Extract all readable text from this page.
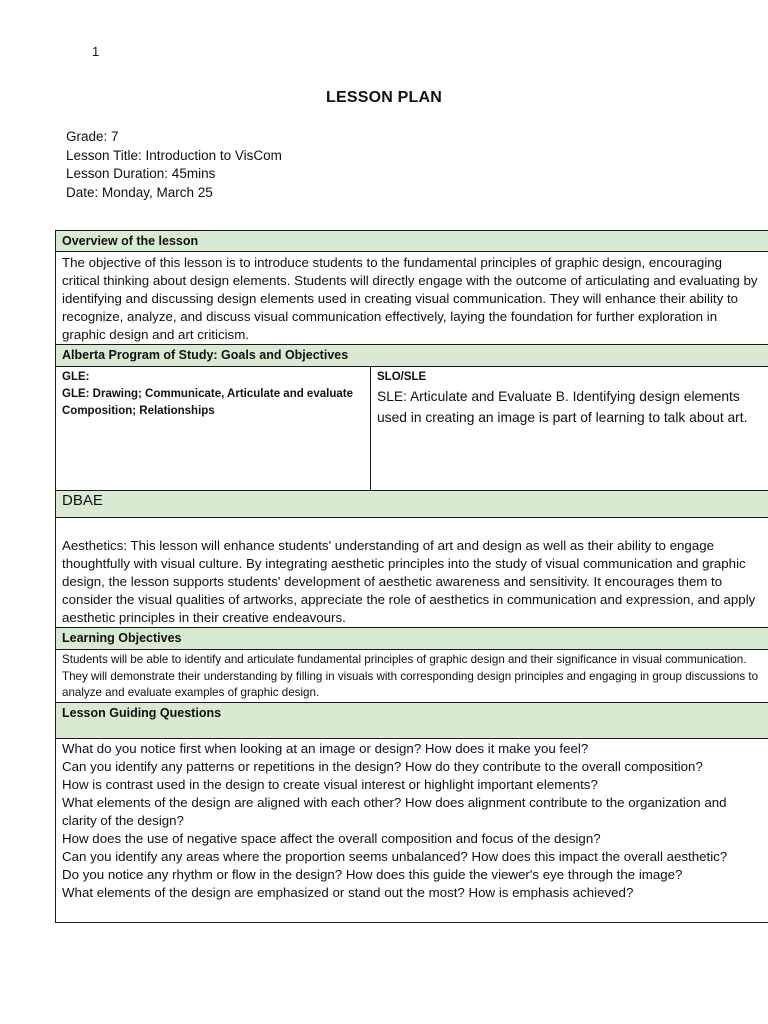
1
LESSON PLAN
Grade: 7
Lesson Title: Introduction to VisCom
Lesson Duration: 45mins
Date: Monday, March 25
Overview of the lesson
The objective of this lesson is to introduce students to the fundamental principles of graphic design, encouraging critical thinking about design elements. Students will directly engage with the outcome of articulating and evaluating by identifying and discussing design elements used in creating visual communication. They will enhance their ability to recognize, analyze, and discuss visual communication effectively, laying the foundation for further exploration in graphic design and art criticism.
Alberta Program of Study: Goals and Objectives

GLE:
GLE: Drawing; Communicate, Articulate and evaluate Composition; Relationships

SLO/SLE
SLE: Articulate and Evaluate B. Identifying design elements used in creating an image is part of learning to talk about art.

DBAE
Aesthetics: This lesson will enhance students' understanding of art and design as well as their ability to engage thoughtfully with visual culture. By integrating aesthetic principles into the study of visual communication and graphic design, the lesson supports students' development of aesthetic awareness and sensitivity. It encourages them to consider the visual qualities of artworks, appreciate the role of aesthetics in communication and expression, and apply aesthetic principles in their creative endeavours.
Learning Objectives
Students will be able to identify and articulate fundamental principles of graphic design and their significance in visual communication. They will demonstrate their understanding by filling in visuals with corresponding design principles and engaging in group discussions to analyze and evaluate examples of graphic design.
Lesson Guiding Questions

What do you notice first when looking at an image or design? How does it make you feel?
Can you identify any patterns or repetitions in the design? How do they contribute to the overall composition?
How is contrast used in the design to create visual interest or highlight important elements?
What elements of the design are aligned with each other? How does alignment contribute to the organization and clarity of the design?
How does the use of negative space affect the overall composition and focus of the design?
Can you identify any areas where the proportion seems unbalanced? How does this impact the overall aesthetic?
Do you notice any rhythm or flow in the design? How does this guide the viewer's eye through the image?
What elements of the design are emphasized or stand out the most? How is emphasis achieved?
